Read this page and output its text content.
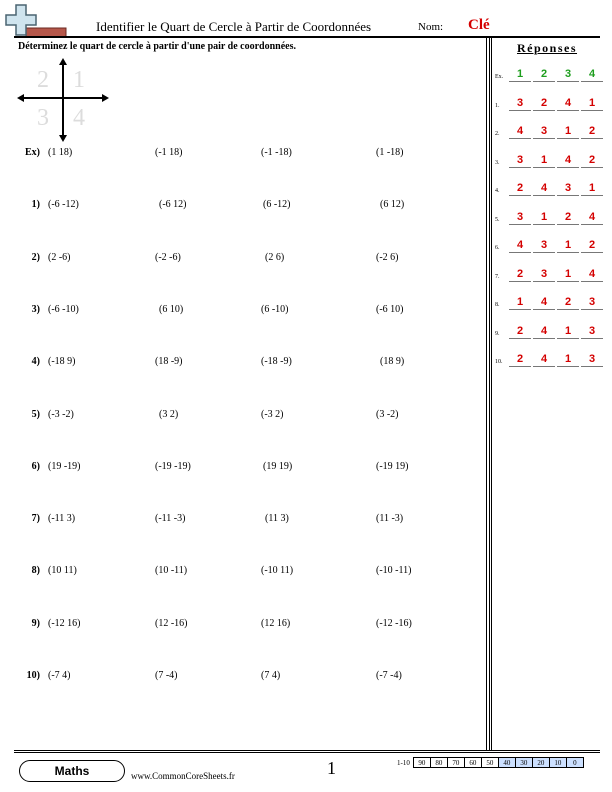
Identifier le Quart de Cercle à Partir de Coordonnées	Nom: Clé
Déterminez le quart de cercle à partir d'une pair de coordonnées.
2 1
3 4
Ex) (1 18)	(-1 18)	(-1 -18)	(1 -18)
1) (-6 -12)	(-6 12)	(6 -12)	(6 12)
2) (2 -6)	(-2 -6)	(2 6)	(-2 6)
3) (-6 -10)	(6 10)	(6 -10)	(-6 10)
4) (-18 9)	(18 -9)	(-18 -9)	(18 9)
5) (-3 -2)	(3 2)	(-3 2)	(3 -2)
6) (19 -19)	(-19 -19)	(19 19)	(-19 19)
7) (-11 3)	(-11 -3)	(11 3)	(11 -3)
8) (10 11)	(10 -11)	(-10 11)	(-10 -11)
9) (-12 16)	(12 -16)	(12 16)	(-12 -16)
10) (-7 4)	(7 -4)	(7 4)	(-7 -4)
Réponses
Ex.	1	2	3	4
1.	3	2	4	1
2.	4	3	1	2
3.	3	1	4	2
4.	2	4	3	1
5.	3	1	2	4
6.	4	3	1	2
7.	2	3	1	4
8.	1	4	2	3
9.	2	4	1	3
10.	2	4	1	3
Maths	www.CommonCoreSheets.fr	1	1-10	90	80	70	60	50	40	30	20	10	0
